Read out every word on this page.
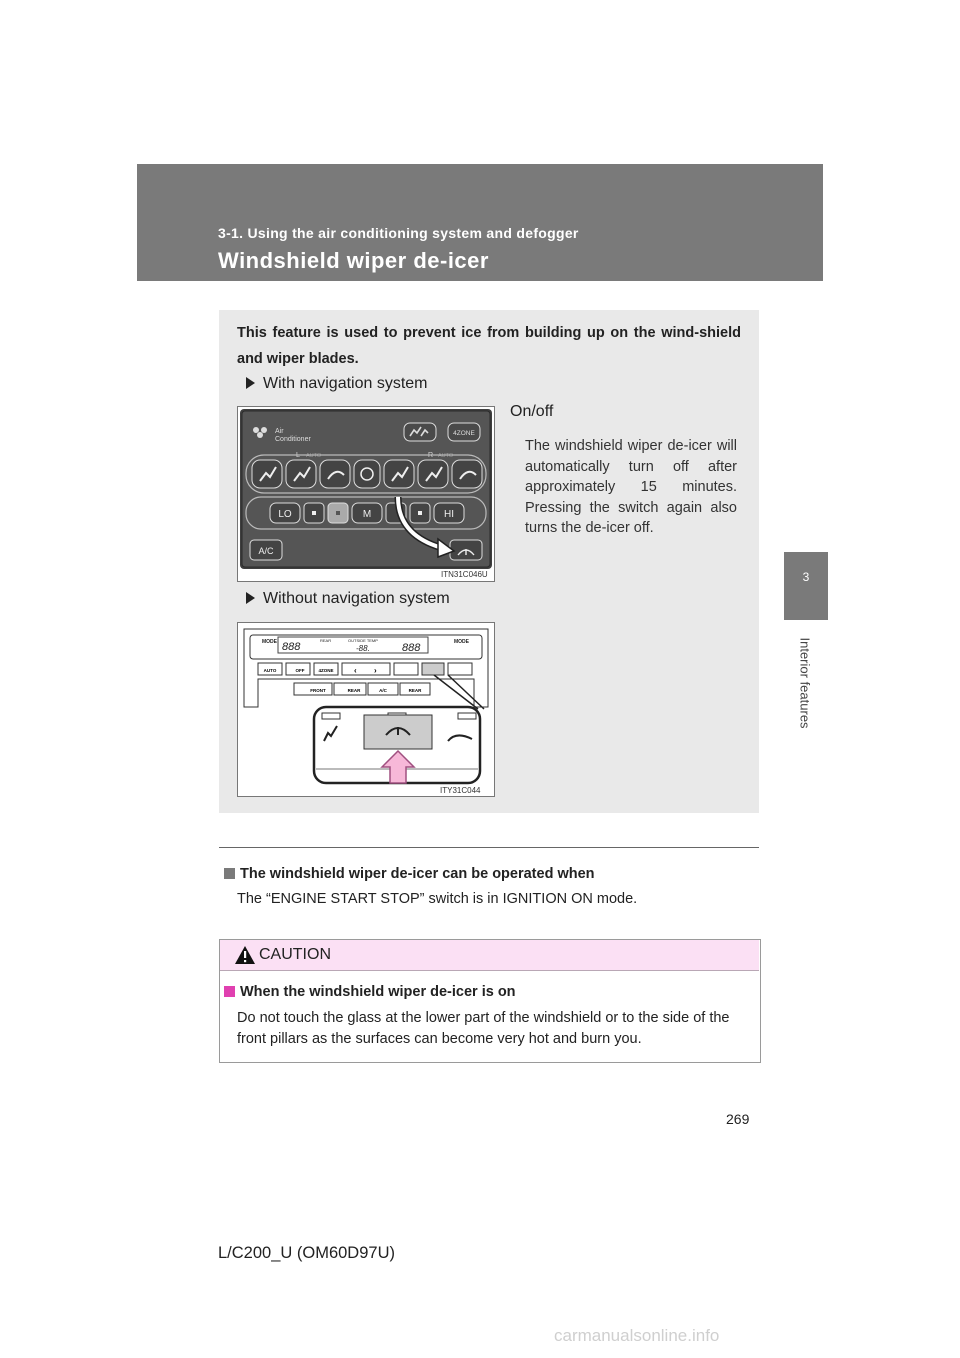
3-1. Using the air conditioning system and defogger
Windshield wiper de-icer
3
Interior features
This feature is used to prevent ice from building up on the wind-shield and wiper blades.
With navigation system
On/off
The windshield wiper de-icer will automatically turn off after approximately 15 minutes. Pressing the switch again also turns the de-icer off.
Air
Conditioner
4ZONE
L AUTO	R AUTO
LO	M	HI
A/C
ITN31C046U
Without navigation system
MODE	MODE
888
REAR	OUTSIDE TEMP
-88.	888
AUTO	OFF	4ZONE	‹ ›
FRONT	REAR	A/C	REAR
ITY31C044
The windshield wiper de-icer can be operated when
The “ENGINE START STOP” switch is in IGNITION ON mode.
CAUTION
When the windshield wiper de-icer is on
Do not touch the glass at the lower part of the windshield or to the side of the front pillars as the surfaces can become very hot and burn you.
269
L/C200_U (OM60D97U)
carmanualsonline.info
